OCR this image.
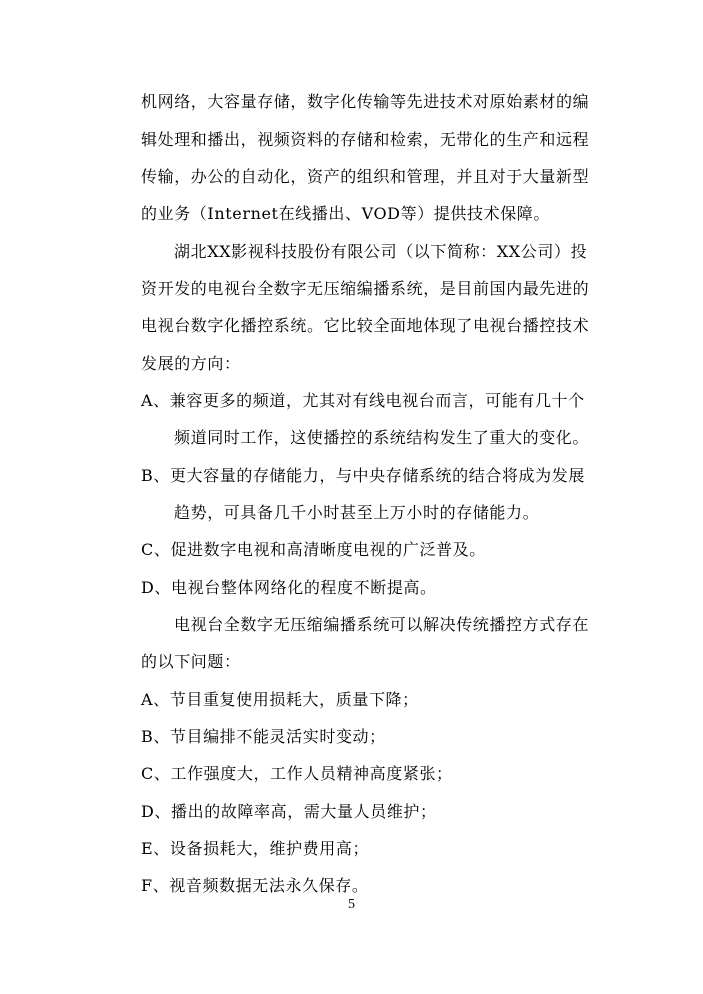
机网络，大容量存储，数字化传输等先进技术对原始素材的编
辑处理和播出，视频资料的存储和检索，无带化的生产和远程
传输，办公的自动化，资产的组织和管理，并且对于大量新型
的业务（Internet在线播出、VOD等）提供技术保障。
湖北XX影视科技股份有限公司（以下简称：XX公司）投
资开发的电视台全数字无压缩编播系统，是目前国内最先进的
电视台数字化播控系统。它比较全面地体现了电视台播控技术
发展的方向：
A、兼容更多的频道，尤其对有线电视台而言，可能有几十个
频道同时工作，这使播控的系统结构发生了重大的变化。
B、更大容量的存储能力，与中央存储系统的结合将成为发展
趋势，可具备几千小时甚至上万小时的存储能力。
C、促进数字电视和高清晰度电视的广泛普及。
D、电视台整体网络化的程度不断提高。
电视台全数字无压缩编播系统可以解决传统播控方式存在
的以下问题：
A、节目重复使用损耗大，质量下降；
B、节目编排不能灵活实时变动；
C、工作强度大，工作人员精神高度紧张；
D、播出的故障率高，需大量人员维护；
E、设备损耗大，维护费用高；
F、视音频数据无法永久保存。
5
